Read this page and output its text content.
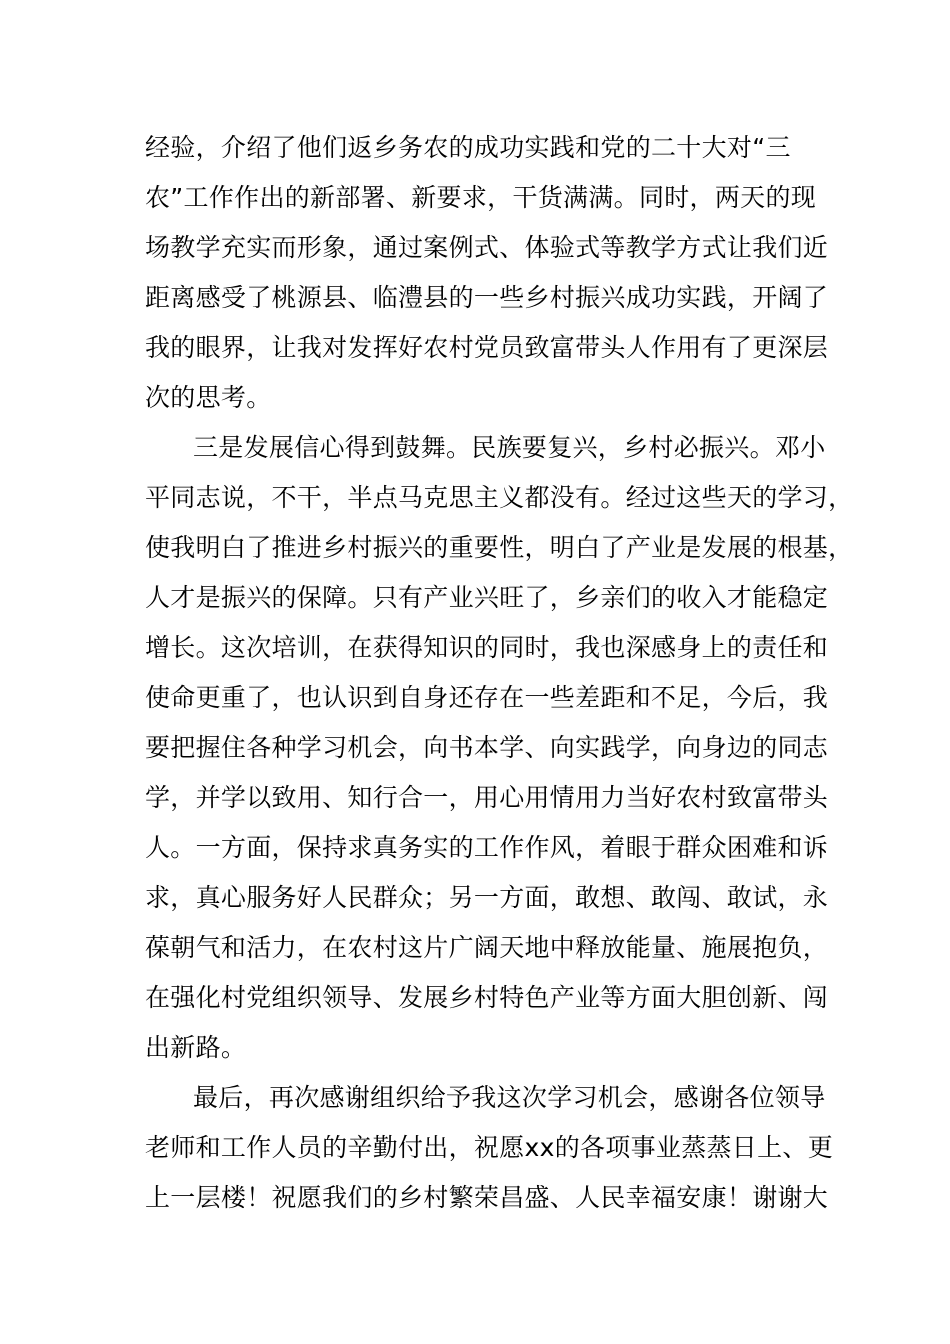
经验，介绍了他们返乡务农的成功实践和党的二十大对“三
农”工作作出的新部署、新要求，干货满满。同时，两天的现
场教学充实而形象，通过案例式、体验式等教学方式让我们近
距离感受了桃源县、临澧县的一些乡村振兴成功实践，开阔了
我的眼界，让我对发挥好农村党员致富带头人作用有了更深层
次的思考。
三是发展信心得到鼓舞。民族要复兴，乡村必振兴。邓小
平同志说，不干，半点马克思主义都没有。经过这些天的学习，
使我明白了推进乡村振兴的重要性，明白了产业是发展的根基，
人才是振兴的保障。只有产业兴旺了，乡亲们的收入才能稳定
增长。这次培训，在获得知识的同时，我也深感身上的责任和
使命更重了，也认识到自身还存在一些差距和不足，今后，我
要把握住各种学习机会，向书本学、向实践学，向身边的同志
学，并学以致用、知行合一，用心用情用力当好农村致富带头
人。一方面，保持求真务实的工作作风，着眼于群众困难和诉
求，真心服务好人民群众；另一方面，敢想、敢闯、敢试，永
葆朝气和活力，在农村这片广阔天地中释放能量、施展抱负，
在强化村党组织领导、发展乡村特色产业等方面大胆创新、闯
出新路。
最后，再次感谢组织给予我这次学习机会，感谢各位领导
老师和工作人员的辛勤付出，祝愿xx的各项事业蒸蒸日上、更
上一层楼！祝愿我们的乡村繁荣昌盛、人民幸福安康！谢谢大
